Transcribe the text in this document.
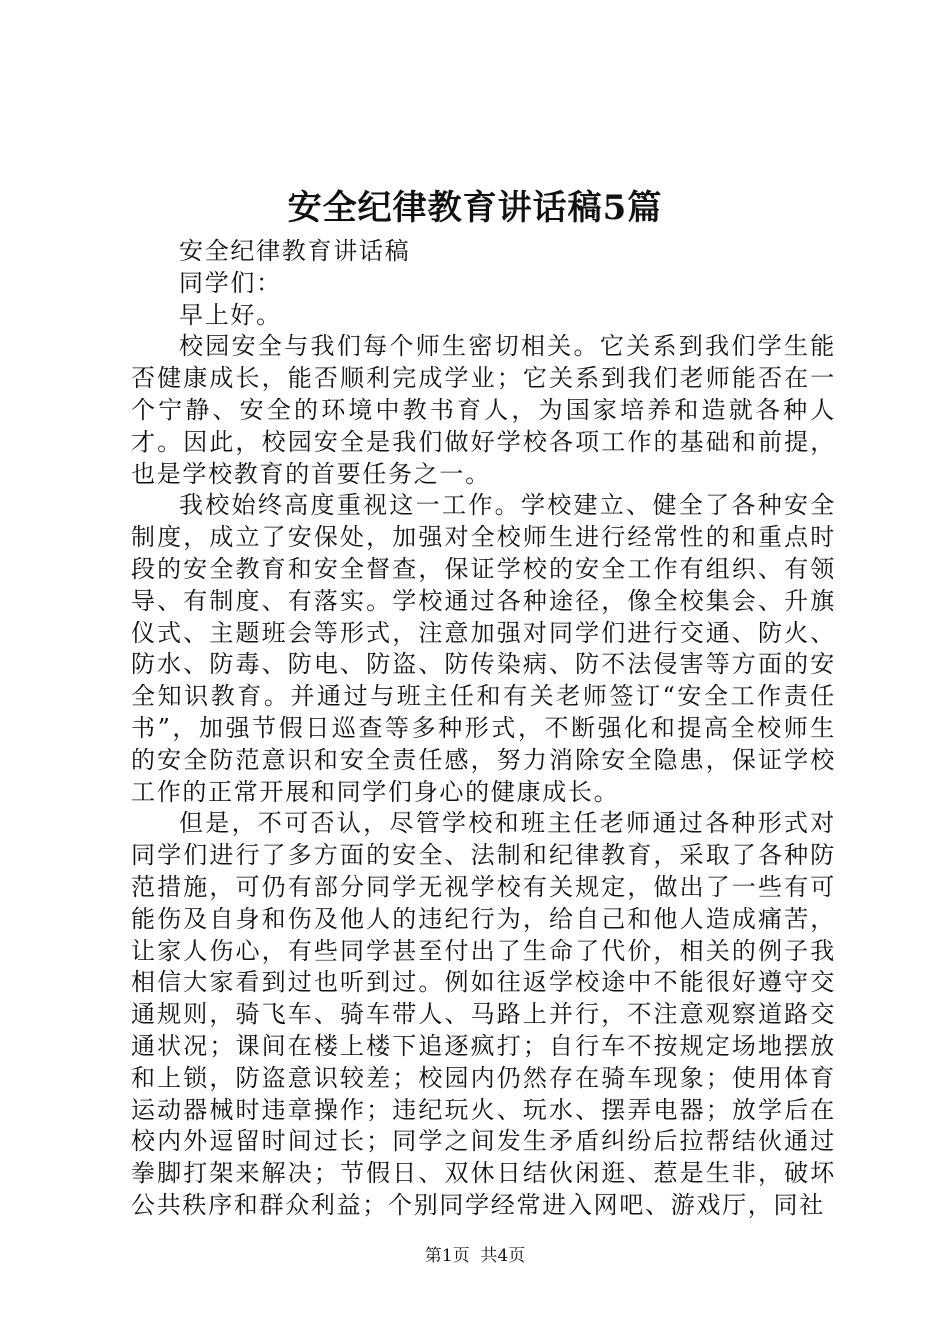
安全纪律教育讲话稿5篇

安全纪律教育讲话稿

同学们：

早上好。

校园安全与我们每个师生密切相关。它关系到我们学生能否健康成长，能否顺利完成学业；它关系到我们老师能否在一个宁静、安全的环境中教书育人，为国家培养和造就各种人才。因此，校园安全是我们做好学校各项工作的基础和前提，也是学校教育的首要任务之一。

我校始终高度重视这一工作。学校建立、健全了各种安全制度，成立了安保处，加强对全校师生进行经常性的和重点时段的安全教育和安全督查，保证学校的安全工作有组织、有领导、有制度、有落实。学校通过各种途径，像全校集会、升旗仪式、主题班会等形式，注意加强对同学们进行交通、防火、防水、防毒、防电、防盗、防传染病、防不法侵害等方面的安全知识教育。并通过与班主任和有关老师签订“安全工作责任书”，加强节假日巡查等多种形式，不断强化和提高全校师生的安全防范意识和安全责任感，努力消除安全隐患，保证学校工作的正常开展和同学们身心的健康成长。

但是，不可否认，尽管学校和班主任老师通过各种形式对同学们进行了多方面的安全、法制和纪律教育，采取了各种防范措施，可仍有部分同学无视学校有关规定，做出了一些有可能伤及自身和伤及他人的违纪行为，给自己和他人造成痛苦，让家人伤心，有些同学甚至付出了生命了代价，相关的例子我相信大家看到过也听到过。例如往返学校途中不能很好遵守交通规则，骑飞车、骑车带人、马路上并行，不注意观察道路交通状况；课间在楼上楼下追逐疯打；自行车不按规定场地摆放和上锁，防盗意识较差；校园内仍然存在骑车现象；使用体育运动器械时违章操作；违纪玩火、玩水、摆弄电器；放学后在校内外逗留时间过长；同学之间发生矛盾纠纷后拉帮结伙通过拳脚打架来解决；节假日、双休日结伙闲逛、惹是生非，破坏公共秩序和群众利益；个别同学经常进入网吧、游戏厅，同社

第1页  共4页
